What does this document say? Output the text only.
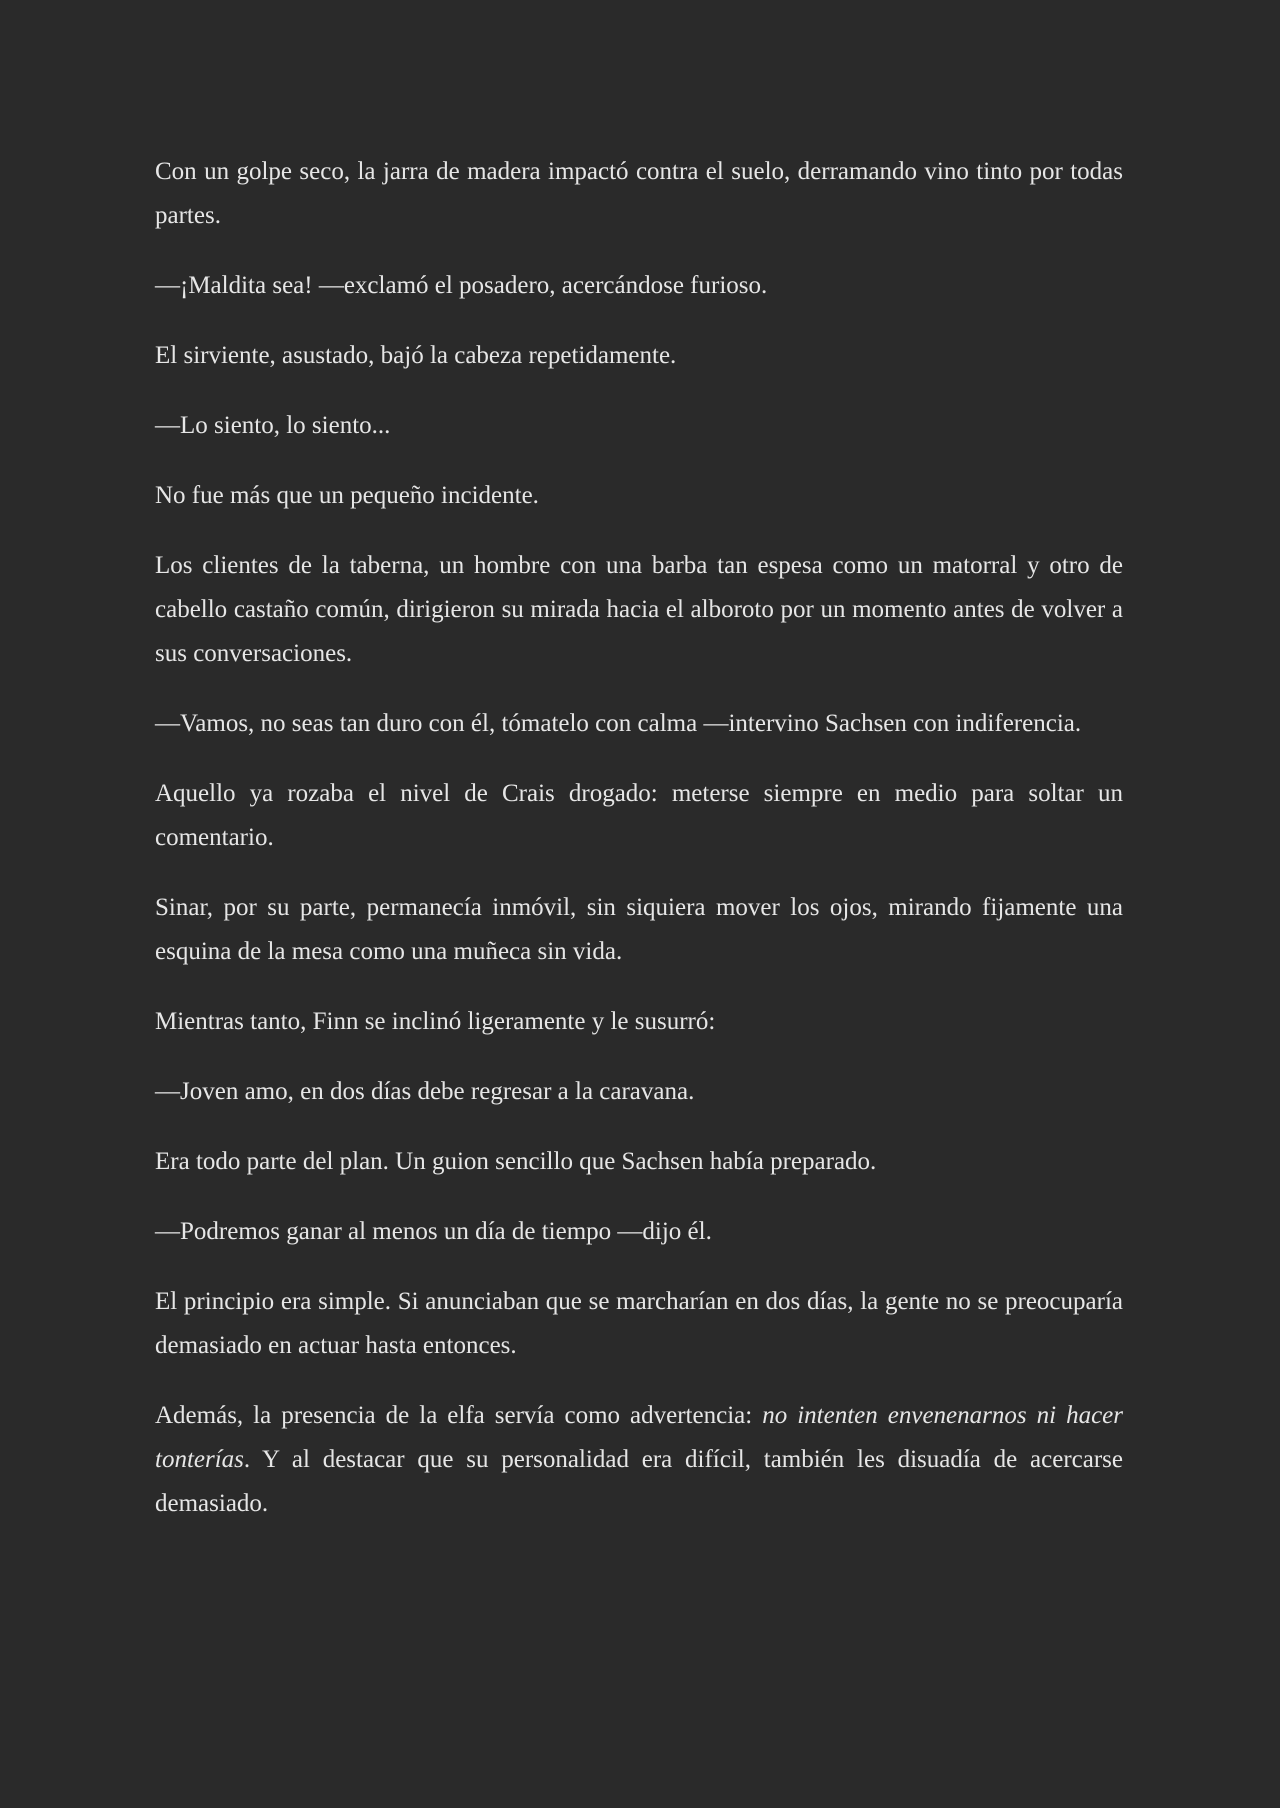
Con un golpe seco, la jarra de madera impactó contra el suelo, derramando vino tinto por todas partes.

—¡Maldita sea! —exclamó el posadero, acercándose furioso.

El sirviente, asustado, bajó la cabeza repetidamente.

—Lo siento, lo siento...

No fue más que un pequeño incidente.

Los clientes de la taberna, un hombre con una barba tan espesa como un matorral y otro de cabello castaño común, dirigieron su mirada hacia el alboroto por un momento antes de volver a sus conversaciones.

—Vamos, no seas tan duro con él, tómatelo con calma —intervino Sachsen con indiferencia.

Aquello ya rozaba el nivel de Crais drogado: meterse siempre en medio para soltar un comentario.

Sinar, por su parte, permanecía inmóvil, sin siquiera mover los ojos, mirando fijamente una esquina de la mesa como una muñeca sin vida.

Mientras tanto, Finn se inclinó ligeramente y le susurró:

—Joven amo, en dos días debe regresar a la caravana.

Era todo parte del plan. Un guion sencillo que Sachsen había preparado.

—Podremos ganar al menos un día de tiempo —dijo él.

El principio era simple. Si anunciaban que se marcharían en dos días, la gente no se preocuparía demasiado en actuar hasta entonces.

Además, la presencia de la elfa servía como advertencia: no intenten envenenarnos ni hacer tonterías. Y al destacar que su personalidad era difícil, también les disuadía de acercarse demasiado.
